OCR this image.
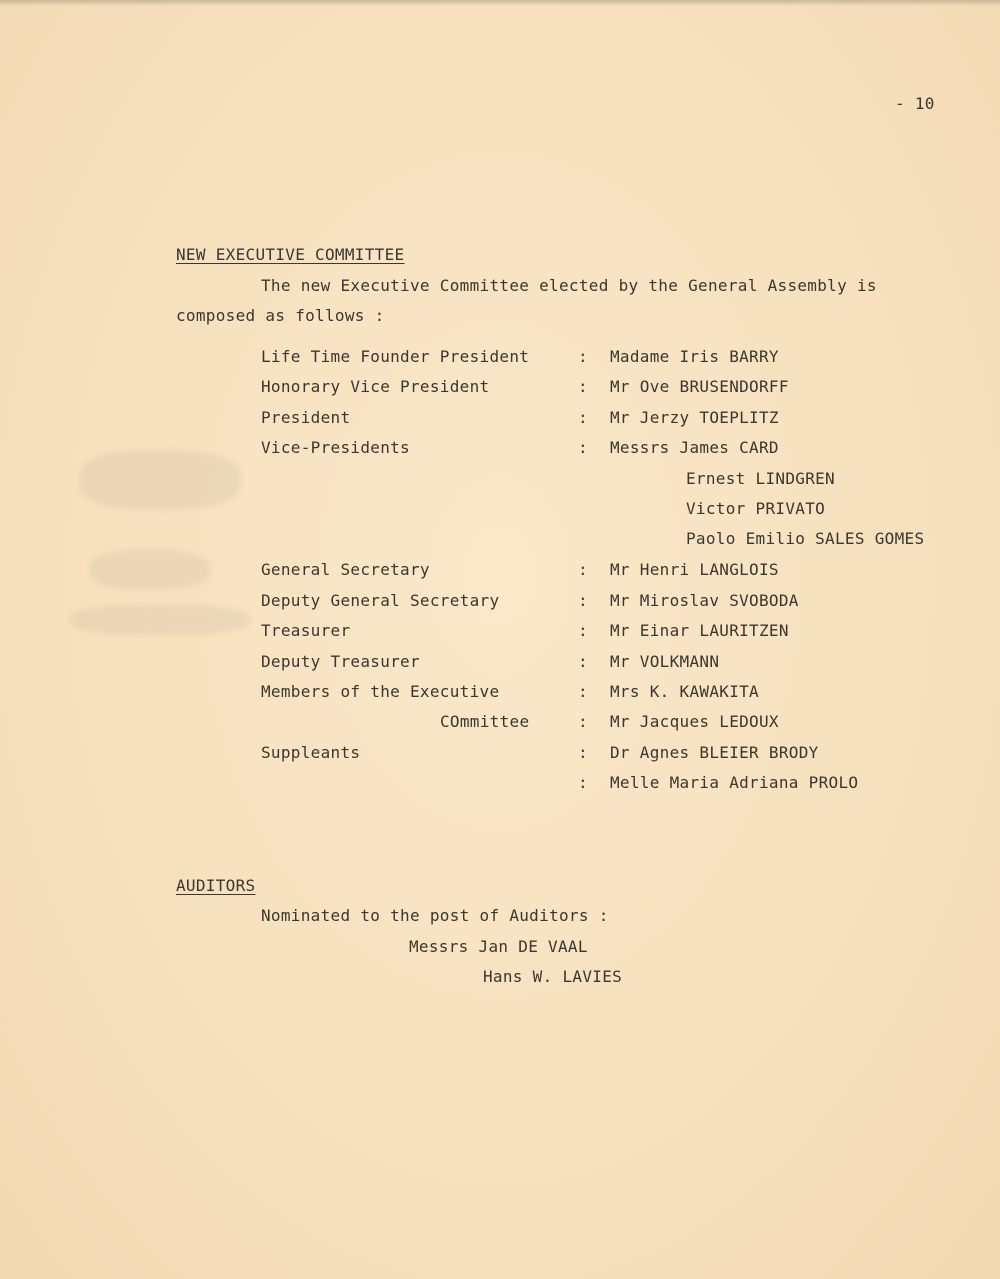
- 10
NEW EXECUTIVE COMMITTEE
The new Executive Committee elected by the General Assembly is
composed as follows :
Life Time Founder President	: Madame Iris BARRY
Honorary Vice President	: Mr Ove BRUSENDORFF
President	: Mr Jerzy TOEPLITZ
Vice-Presidents	: Messrs James CARD
Ernest LINDGREN
Victor PRIVATO
Paolo Emilio SALES GOMES
General Secretary	: Mr Henri LANGLOIS
Deputy General Secretary	: Mr Miroslav SVOBODA
Treasurer	: Mr Einar LAURITZEN
Deputy Treasurer	: Mr VOLKMANN
Members of the Executive	: Mrs K. KAWAKITA
COmmittee	: Mr Jacques LEDOUX
Suppleants	: Dr Agnes BLEIER BRODY
: Melle Maria Adriana PROLO
AUDITORS
Nominated to the post of Auditors :
Messrs Jan DE VAAL
Hans W. LAVIES
